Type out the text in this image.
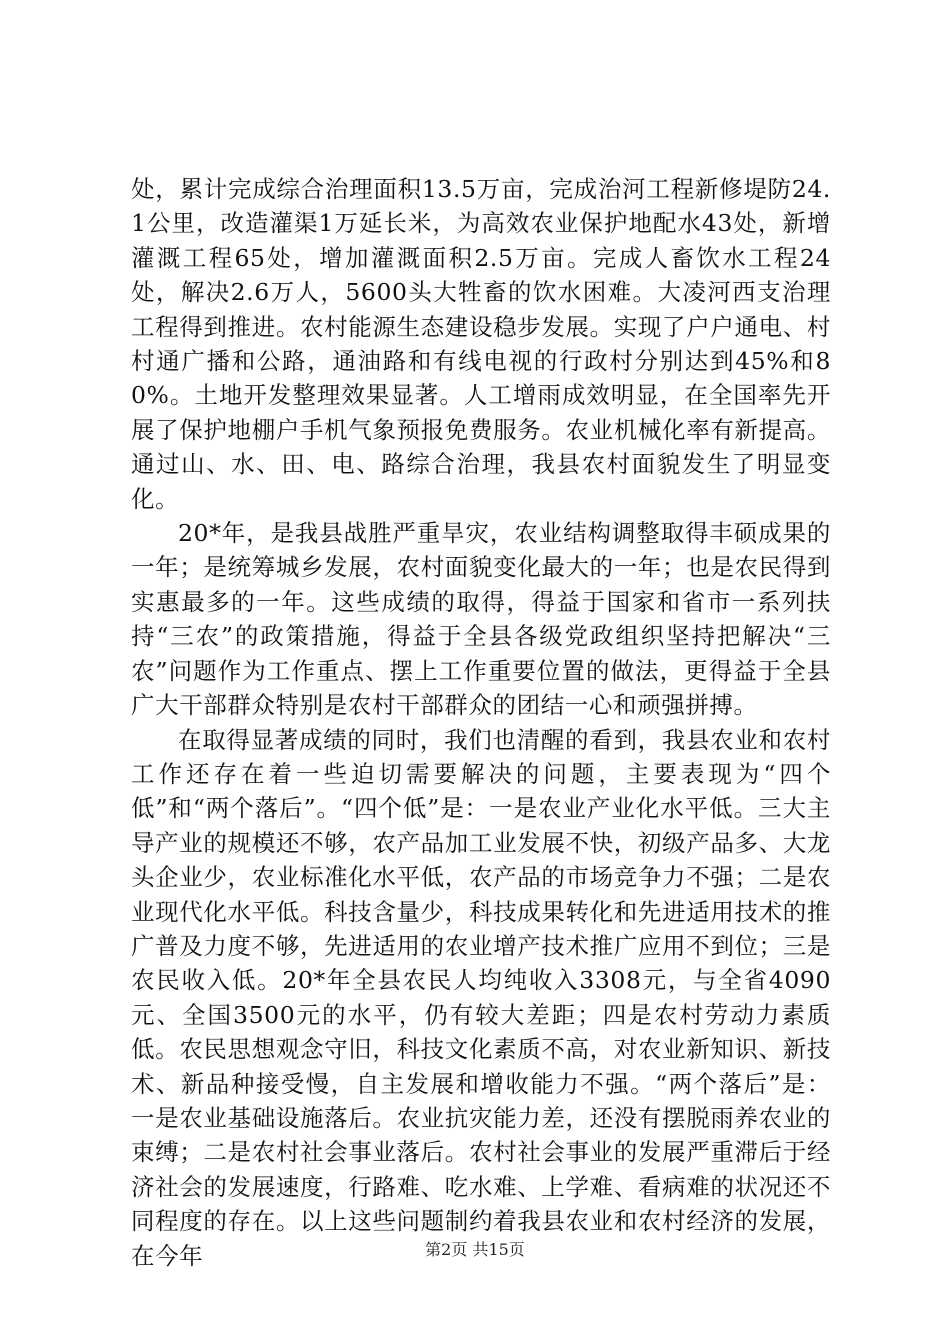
处，累计完成综合治理面积13.5万亩，完成治河工程新修堤防24.1公里，改造灌渠1万延长米，为高效农业保护地配水43处，新增灌溉工程65处，增加灌溉面积2.5万亩。完成人畜饮水工程24处，解决2.6万人，5600头大牲畜的饮水困难。大凌河西支治理工程得到推进。农村能源生态建设稳步发展。实现了户户通电、村村通广播和公路，通油路和有线电视的行政村分别达到45%和80%。土地开发整理效果显著。人工增雨成效明显，在全国率先开展了保护地棚户手机气象预报免费服务。农业机械化率有新提高。通过山、水、田、电、路综合治理，我县农村面貌发生了明显变化。

20*年，是我县战胜严重旱灾，农业结构调整取得丰硕成果的一年；是统筹城乡发展，农村面貌变化最大的一年；也是农民得到实惠最多的一年。这些成绩的取得，得益于国家和省市一系列扶持“三农”的政策措施，得益于全县各级党政组织坚持把解决“三农”问题作为工作重点、摆上工作重要位置的做法，更得益于全县广大干部群众特别是农村干部群众的团结一心和顽强拼搏。

在取得显著成绩的同时，我们也清醒的看到，我县农业和农村工作还存在着一些迫切需要解决的问题，主要表现为“四个低”和“两个落后”。“四个低”是：一是农业产业化水平低。三大主导产业的规模还不够，农产品加工业发展不快，初级产品多、大龙头企业少，农业标准化水平低，农产品的市场竞争力不强；二是农业现代化水平低。科技含量少，科技成果转化和先进适用技术的推广普及力度不够，先进适用的农业增产技术推广应用不到位；三是农民收入低。20*年全县农民人均纯收入3308元，与全省4090元、全国3500元的水平，仍有较大差距；四是农村劳动力素质低。农民思想观念守旧，科技文化素质不高，对农业新知识、新技术、新品种接受慢，自主发展和增收能力不强。“两个落后”是：一是农业基础设施落后。农业抗灾能力差，还没有摆脱雨养农业的束缚；二是农村社会事业落后。农村社会事业的发展严重滞后于经济社会的发展速度，行路难、吃水难、上学难、看病难的状况还不同程度的存在。以上这些问题制约着我县农业和农村经济的发展，在今年	第2页 共15页
